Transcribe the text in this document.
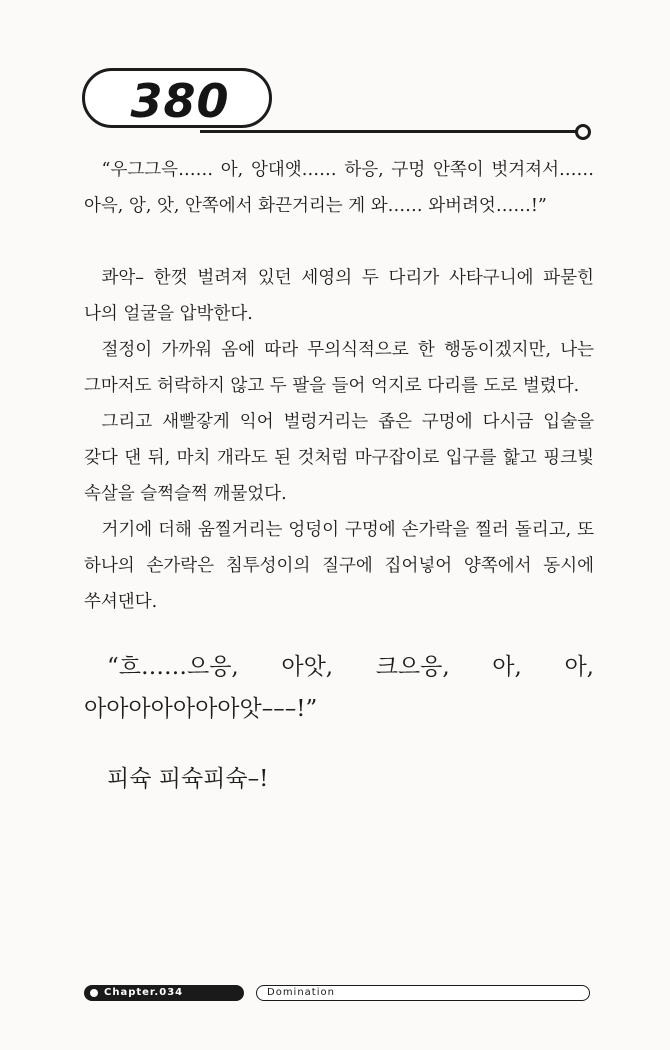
380

“우그그윽…… 아, 앙대앳…… 하응, 구멍 안쪽이 벗겨져서…… 아윽, 앙, 앗, 안쪽에서 화끈거리는 게 와…… 와버려엇……!”

콰악– 한껏 벌려져 있던 세영의 두 다리가 사타구니에 파묻힌 나의 얼굴을 압박한다.

절정이 가까워 옴에 따라 무의식적으로 한 행동이겠지만, 나는 그마저도 허락하지 않고 두 팔을 들어 억지로 다리를 도로 벌렸다.

그리고 새빨갛게 익어 벌렁거리는 좁은 구멍에 다시금 입술을 갖다 댄 뒤, 마치 개라도 된 것처럼 마구잡이로 입구를 핥고 핑크빛 속살을 슬쩍슬쩍 깨물었다.

거기에 더해 움찔거리는 엉덩이 구멍에 손가락을 찔러 돌리고, 또 하나의 손가락은 침투성이의 질구에 집어넣어 양쪽에서 동시에 쑤셔댄다.

“흐……으응, 아앗, 크으응, 아, 아, 아아아아아아아앗–––!”

피슉 피슉피슉–!

Chapter.034	Domination
